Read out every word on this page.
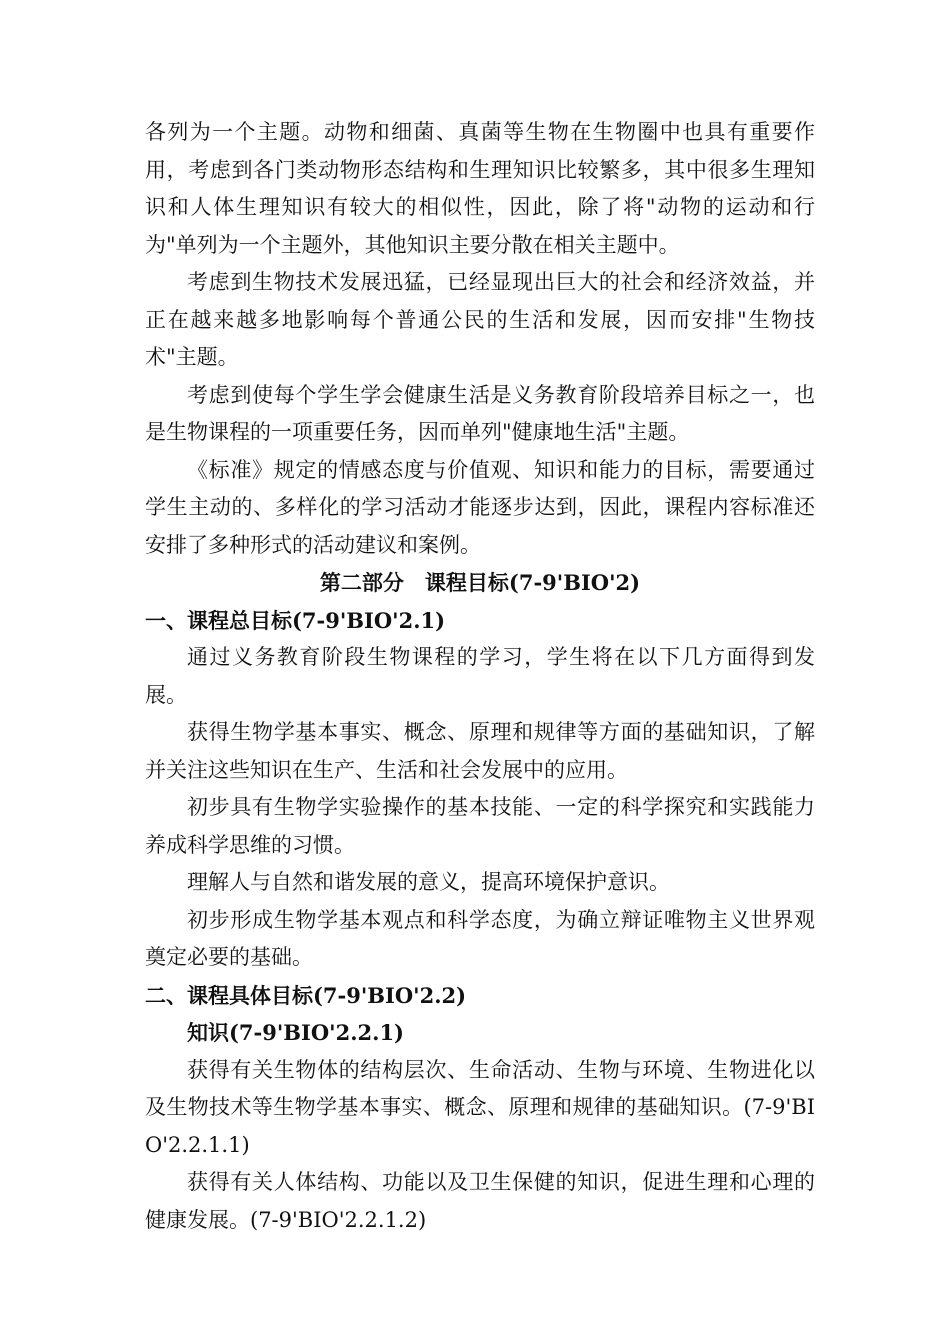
各列为一个主题。动物和细菌、真菌等生物在生物圈中也具有重要作用，考虑到各门类动物形态结构和生理知识比较繁多，其中很多生理知识和人体生理知识有较大的相似性，因此，除了将"动物的运动和行为"单列为一个主题外，其他知识主要分散在相关主题中。

考虑到生物技术发展迅猛，已经显现出巨大的社会和经济效益，并正在越来越多地影响每个普通公民的生活和发展，因而安排"生物技术"主题。

考虑到使每个学生学会健康生活是义务教育阶段培养目标之一，也是生物课程的一项重要任务，因而单列"健康地生活"主题。

《标准》规定的情感态度与价值观、知识和能力的目标，需要通过学生主动的、多样化的学习活动才能逐步达到，因此，课程内容标准还安排了多种形式的活动建议和案例。

第二部分　课程目标(7-9'BIO'2)

一、课程总目标(7-9'BIO'2.1)

通过义务教育阶段生物课程的学习，学生将在以下几方面得到发展。

获得生物学基本事实、概念、原理和规律等方面的基础知识，了解并关注这些知识在生产、生活和社会发展中的应用。

初步具有生物学实验操作的基本技能、一定的科学探究和实践能力养成科学思维的习惯。

理解人与自然和谐发展的意义，提高环境保护意识。

初步形成生物学基本观点和科学态度，为确立辩证唯物主义世界观奠定必要的基础。

二、课程具体目标(7-9'BIO'2.2)

知识(7-9'BIO'2.2.1)

获得有关生物体的结构层次、生命活动、生物与环境、生物进化以及生物技术等生物学基本事实、概念、原理和规律的基础知识。(7-9'BIO'2.2.1.1)

获得有关人体结构、功能以及卫生保健的知识，促进生理和心理的健康发展。(7-9'BIO'2.2.1.2)
